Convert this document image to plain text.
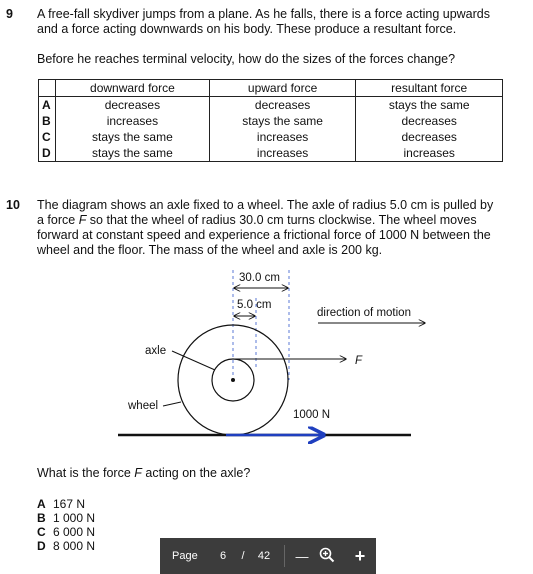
9 A free-fall skydiver jumps from a plane. As he falls, there is a force acting upwards
and a force acting downwards on his body. These produce a resultant force.
Before he reaches terminal velocity, how do the sizes of the forces change?
	downward force	upward force	resultant force
A	decreases	decreases	stays the same
B	increases	stays the same	decreases
C	stays the same	increases	decreases
D	stays the same	increases	increases
10 The diagram shows an axle fixed to a wheel. The axle of radius 5.0 cm is pulled by
a force F so that the wheel of radius 30.0 cm turns clockwise. The wheel moves
forward at constant speed and experience a frictional force of 1000 N between the
wheel and the floor. The mass of the wheel and axle is 200 kg.
30.0 cm
5.0 cm
direction of motion
F
axle
wheel
1000 N
What is the force F acting on the axle?
A 167 N
B 1 000 N
C 6 000 N
D 8 000 N
Page	6	/	42	—	+
